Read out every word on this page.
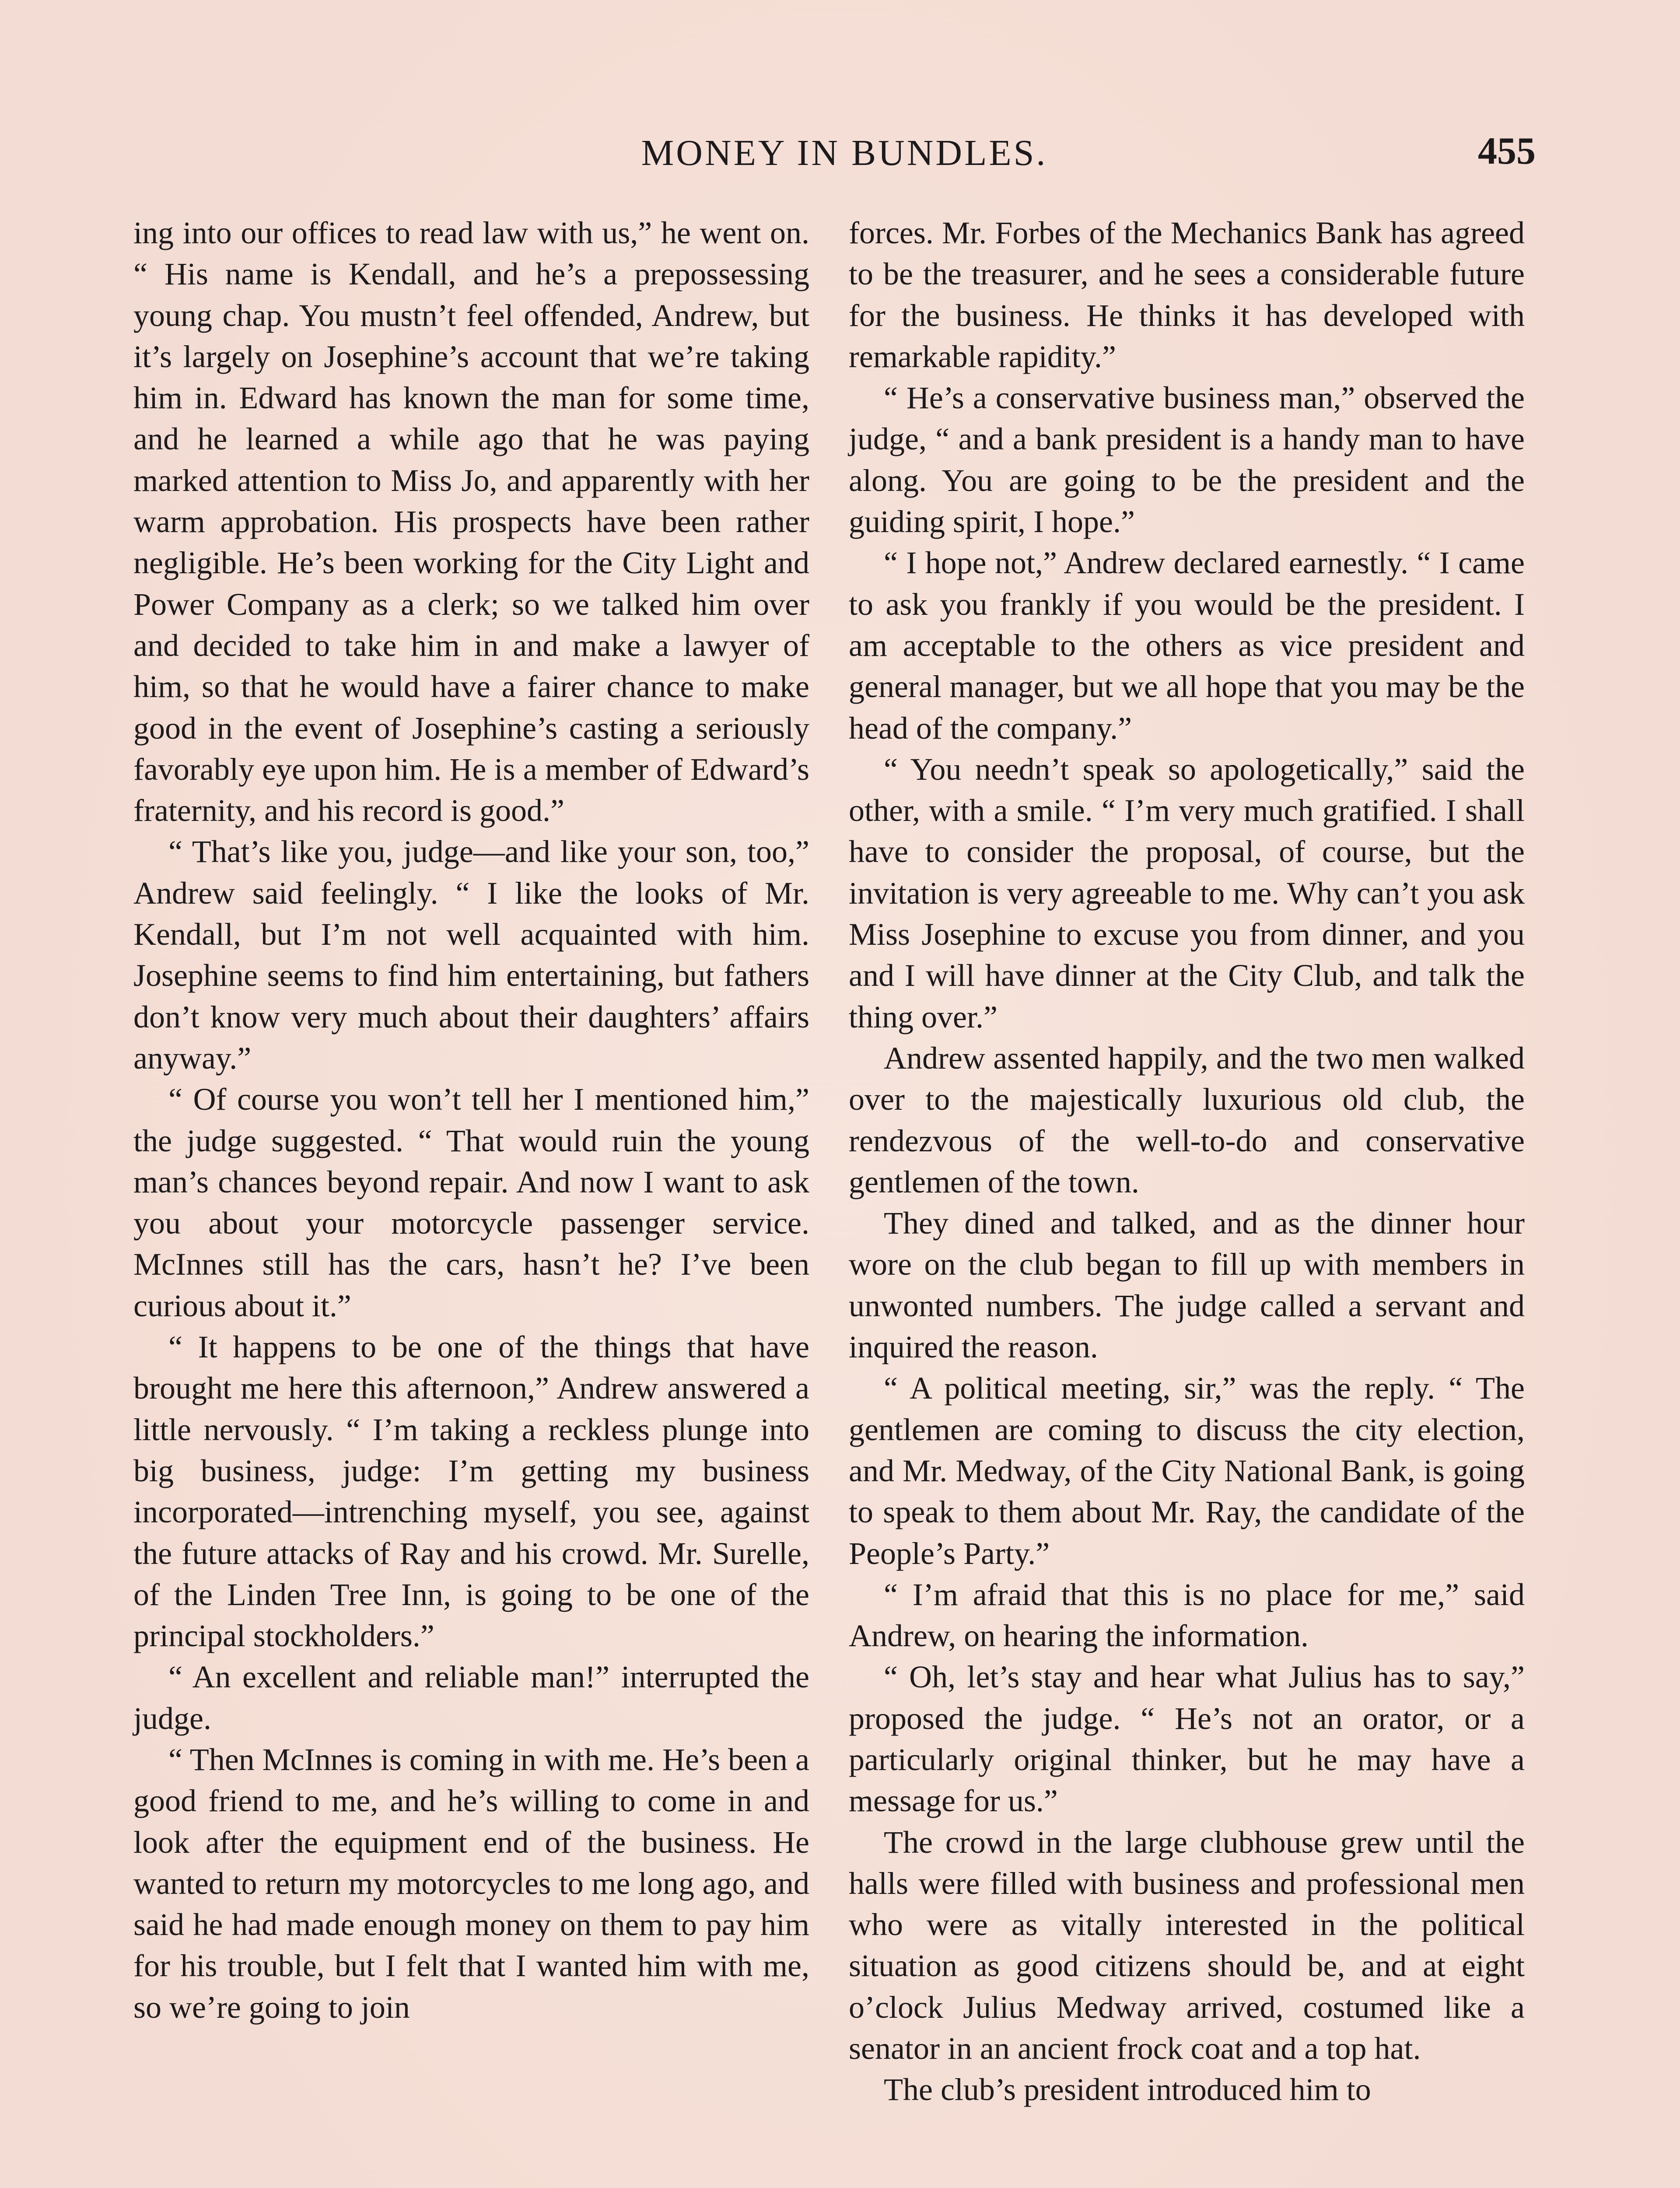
MONEY IN BUNDLES.	455

ing into our offices to read law with us,” he went on. “ His name is Kendall, and he’s a prepossessing young chap. You mustn’t feel offended, Andrew, but it’s largely on Josephine’s account that we’re taking him in. Edward has known the man for some time, and he learned a while ago that he was paying marked attention to Miss Jo, and apparently with her warm approbation. His prospects have been rather negligible. He’s been working for the City Light and Power Company as a clerk; so we talked him over and decided to take him in and make a lawyer of him, so that he would have a fairer chance to make good in the event of Josephine’s casting a seriously favorably eye upon him. He is a member of Edward’s fraternity, and his record is good.”

“ That’s like you, judge—and like your son, too,” Andrew said feelingly. “ I like the looks of Mr. Kendall, but I’m not well acquainted with him. Josephine seems to find him entertaining, but fathers don’t know very much about their daughters’ affairs anyway.”

“ Of course you won’t tell her I mentioned him,” the judge suggested. “ That would ruin the young man’s chances beyond repair. And now I want to ask you about your motorcycle passenger service. McInnes still has the cars, hasn’t he? I’ve been curious about it.”

“ It happens to be one of the things that have brought me here this afternoon,” Andrew answered a little nervously. “ I’m taking a reckless plunge into big business, judge: I’m getting my business incorporated—intrenching myself, you see, against the future attacks of Ray and his crowd. Mr. Surelle, of the Linden Tree Inn, is going to be one of the principal stockholders.”

“ An excellent and reliable man!” interrupted the judge.

“ Then McInnes is coming in with me. He’s been a good friend to me, and he’s willing to come in and look after the equipment end of the business. He wanted to return my motorcycles to me long ago, and said he had made enough money on them to pay him for his trouble, but I felt that I wanted him with me, so we’re going to join

forces. Mr. Forbes of the Mechanics Bank has agreed to be the treasurer, and he sees a considerable future for the business. He thinks it has developed with remarkable rapidity.”

“ He’s a conservative business man,” observed the judge, “ and a bank president is a handy man to have along. You are going to be the president and the guiding spirit, I hope.”

“ I hope not,” Andrew declared earnestly. “ I came to ask you frankly if you would be the president. I am acceptable to the others as vice president and general manager, but we all hope that you may be the head of the company.”

“ You needn’t speak so apologetically,” said the other, with a smile. “ I’m very much gratified. I shall have to consider the proposal, of course, but the invitation is very agreeable to me. Why can’t you ask Miss Josephine to excuse you from dinner, and you and I will have dinner at the City Club, and talk the thing over.”

Andrew assented happily, and the two men walked over to the majestically luxurious old club, the rendezvous of the well-to-do and conservative gentlemen of the town.

They dined and talked, and as the dinner hour wore on the club began to fill up with members in unwonted numbers. The judge called a servant and inquired the reason.

“ A political meeting, sir,” was the reply. “ The gentlemen are coming to discuss the city election, and Mr. Medway, of the City National Bank, is going to speak to them about Mr. Ray, the candidate of the People’s Party.”

“ I’m afraid that this is no place for me,” said Andrew, on hearing the information.

“ Oh, let’s stay and hear what Julius has to say,” proposed the judge. “ He’s not an orator, or a particularly original thinker, but he may have a message for us.”

The crowd in the large clubhouse grew until the halls were filled with business and professional men who were as vitally interested in the political situation as good citizens should be, and at eight o’clock Julius Medway arrived, costumed like a senator in an ancient frock coat and a top hat.

The club’s president introduced him to
